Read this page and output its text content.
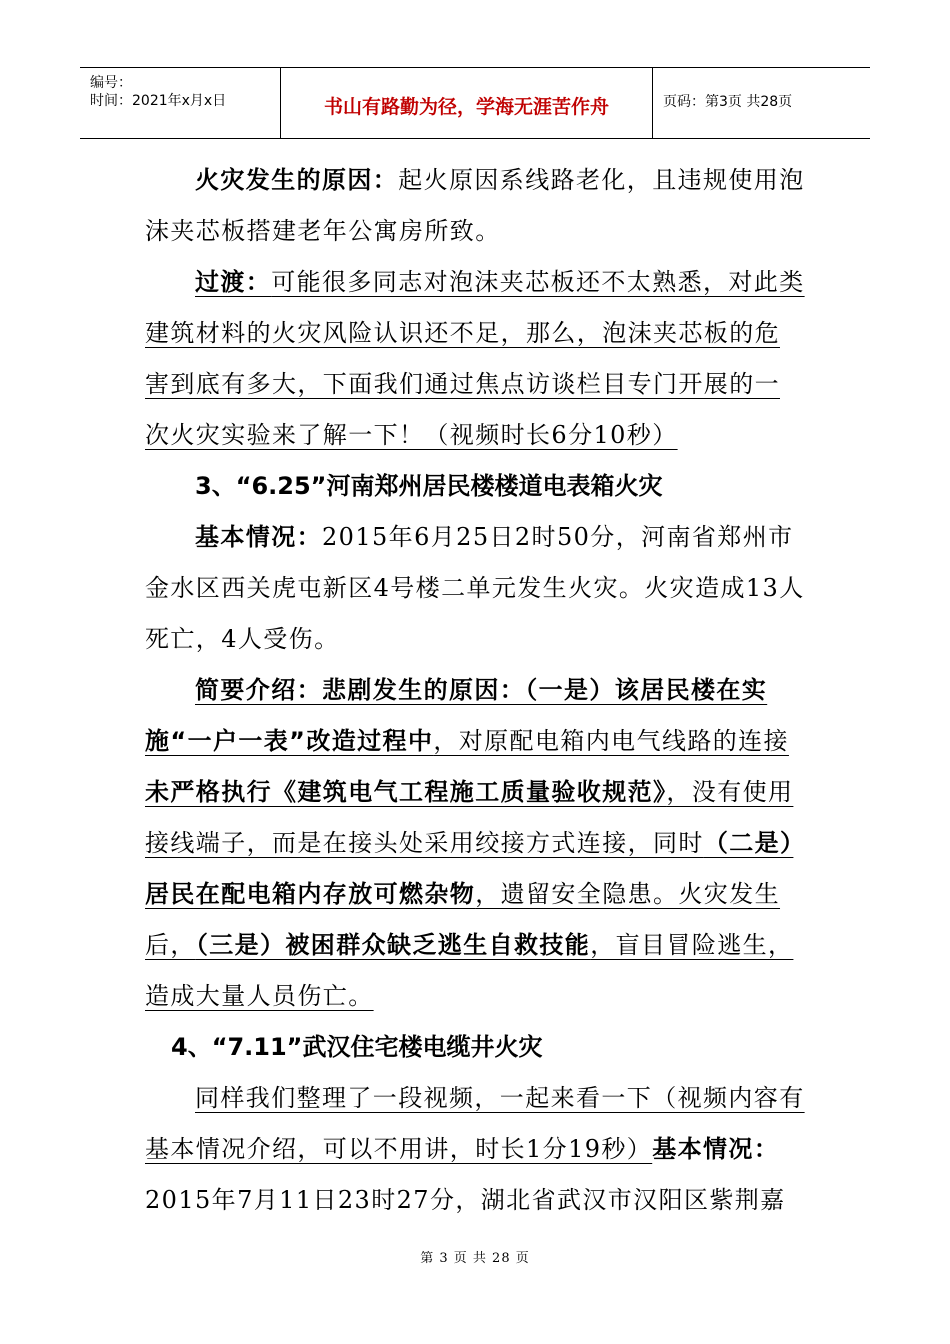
编号：
时间：2021年x月x日	书山有路勤为径，学海无涯苦作舟	页码：第3页 共28页

火灾发生的原因：起火原因系线路老化，且违规使用泡沫夹芯板搭建老年公寓房所致。

过渡：可能很多同志对泡沫夹芯板还不太熟悉，对此类建筑材料的火灾风险认识还不足，那么，泡沫夹芯板的危害到底有多大，下面我们通过焦点访谈栏目专门开展的一次火灾实验来了解一下！（视频时长6分10秒）

3、“6.25”河南郑州居民楼楼道电表箱火灾

基本情况：2015年6月25日2时50分，河南省郑州市金水区西关虎屯新区4号楼二单元发生火灾。火灾造成13人死亡，4人受伤。

简要介绍：悲剧发生的原因：（一是）该居民楼在实施“一户一表”改造过程中，对原配电箱内电气线路的连接未严格执行《建筑电气工程施工质量验收规范》，没有使用接线端子，而是在接头处采用绞接方式连接，同时（二是）居民在配电箱内存放可燃杂物，遗留安全隐患。火灾发生后，（三是）被困群众缺乏逃生自救技能，盲目冒险逃生，造成大量人员伤亡。

4、“7.11”武汉住宅楼电缆井火灾

同样我们整理了一段视频，一起来看一下（视频内容有基本情况介绍，可以不用讲，时长1分19秒）基本情况：2015年7月11日23时27分，湖北省武汉市汉阳区紫荆嘉

第 3 页 共 28 页
